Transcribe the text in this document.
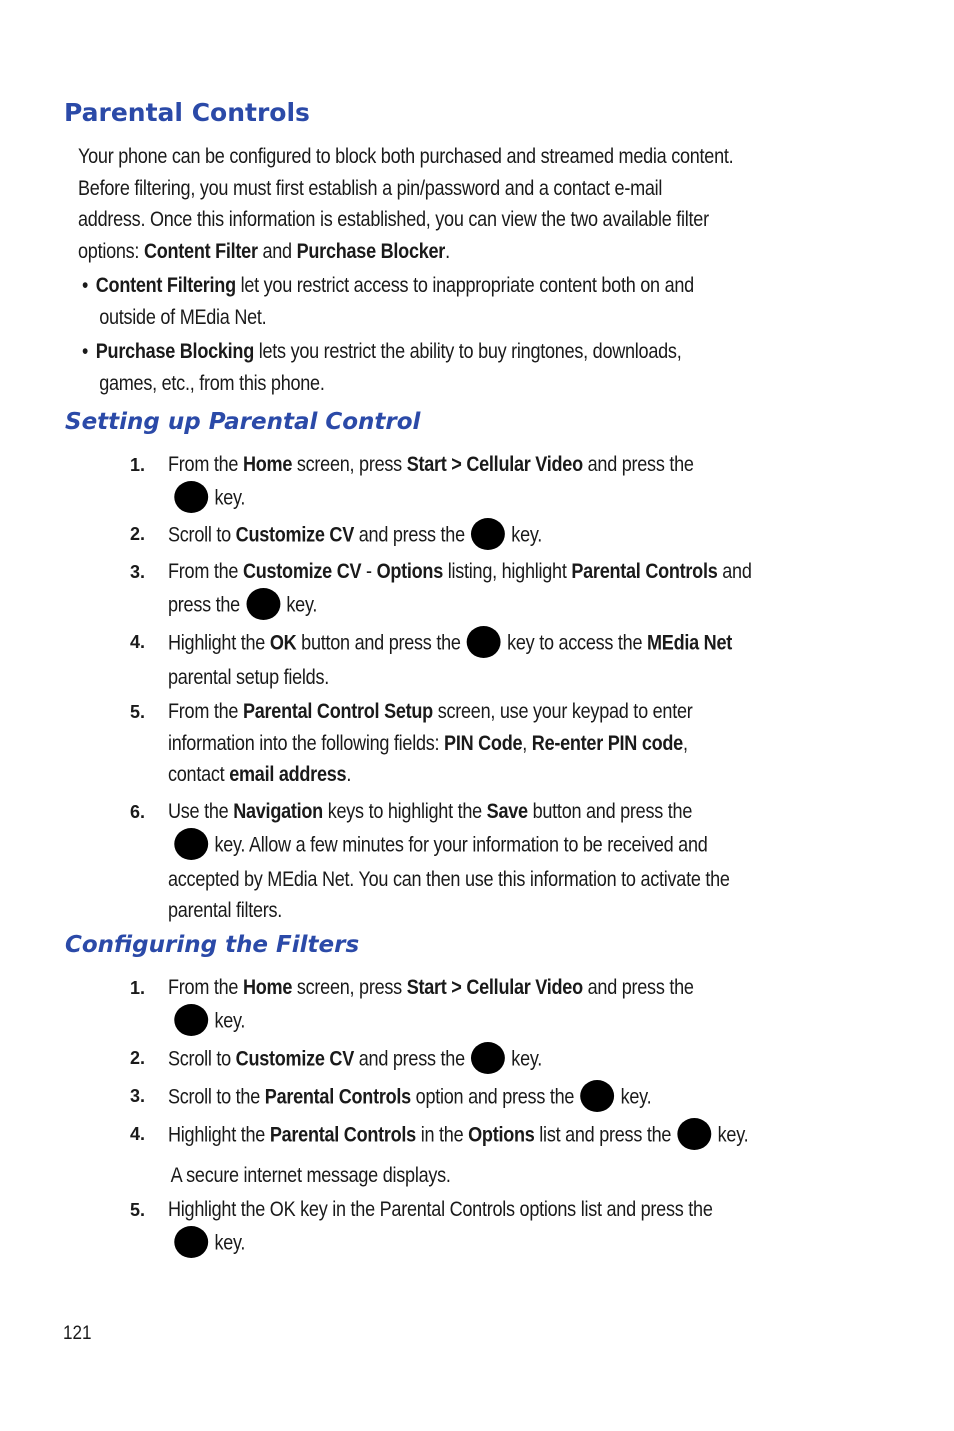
Parental Controls
Your phone can be configured to block both purchased and streamed media content.
Before filtering, you must first establish a pin/password and a contact e-mail
address. Once this information is established, you can view the two available filter
options: Content Filter and Purchase Blocker.
• Content Filtering let you restrict access to inappropriate content both on and
outside of MEdia Net.
• Purchase Blocking lets you restrict the ability to buy ringtones, downloads,
games, etc., from this phone.
Setting up Parental Control
1. From the Home screen, press Start > Cellular Video and press the
key.
2. Scroll to Customize CV and press the key.
3. From the Customize CV - Options listing, highlight Parental Controls and
press the key.
4. Highlight the OK button and press the key to access the MEdia Net
parental setup fields.
5. From the Parental Control Setup screen, use your keypad to enter
information into the following fields: PIN Code, Re-enter PIN code,
contact email address.
6. Use the Navigation keys to highlight the Save button and press the
key. Allow a few minutes for your information to be received and
accepted by MEdia Net. You can then use this information to activate the
parental filters.
Configuring the Filters
1. From the Home screen, press Start > Cellular Video and press the
key.
2. Scroll to Customize CV and press the key.
3. Scroll to the Parental Controls option and press the key.
4. Highlight the Parental Controls in the Options list and press the key.
A secure internet message displays.
5. Highlight the OK key in the Parental Controls options list and press the
key.
121
